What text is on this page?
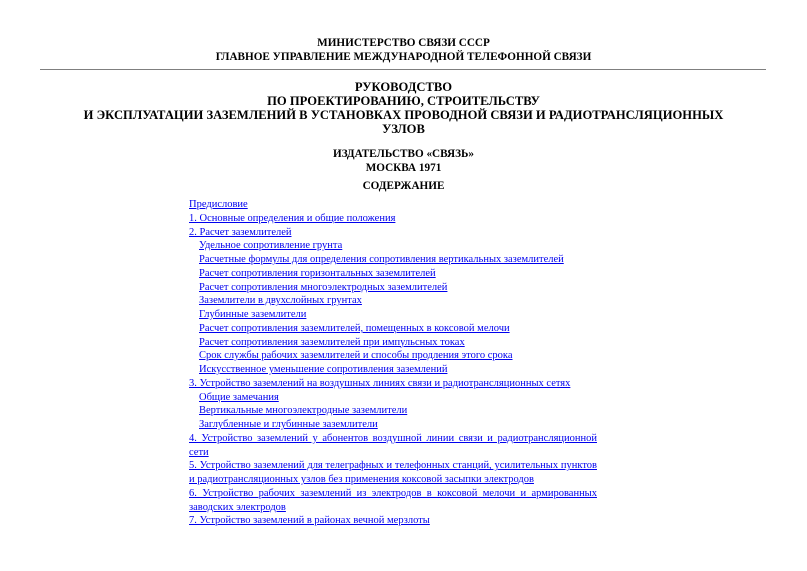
МИНИСТЕРСТВО СВЯЗИ СССР
ГЛАВНОЕ УПРАВЛЕНИЕ МЕЖДУНАРОДНОЙ ТЕЛЕФОННОЙ СВЯЗИ
РУКОВОДСТВО
ПО ПРОЕКТИРОВАНИЮ, СТРОИТЕЛЬСТВУ
И ЭКСПЛУАТАЦИИ ЗАЗЕМЛЕНИЙ В УСТАНОВКАХ ПРОВОДНОЙ СВЯЗИ И РАДИОТРАНСЛЯЦИОННЫХ
УЗЛОВ
ИЗДАТЕЛЬСТВО «СВЯЗЬ»
МОСКВА 1971
СОДЕРЖАНИЕ
Предисловие
1. Основные определения и общие положения
2. Расчет заземлителей
Удельное сопротивление грунта
Расчетные формулы для определения сопротивления вертикальных заземлителей
Расчет сопротивления горизонтальных заземлителей
Расчет сопротивления многоэлектродных заземлителей
Заземлители в двухслойных грунтах
Глубинные заземлители
Расчет сопротивления заземлителей, помещенных в коксовой мелочи
Расчет сопротивления заземлителей при импульсных токах
Срок службы рабочих заземлителей и способы продления этого срока
Искусственное уменьшение сопротивления заземлений
3. Устройство заземлений на воздушных линиях связи и радиотрансляционных сетях
Общие замечания
Вертикальные многоэлектродные заземлители
Заглубленные и глубинные заземлители
4. Устройство заземлений у абонентов воздушной линии связи и радиотрансляционной сети
5. Устройство заземлений для телеграфных и телефонных станций, усилительных пунктов и радиотрансляционных узлов без применения коксовой засыпки электродов
6. Устройство рабочих заземлений из электродов в коксовой мелочи и армированных заводских электродов
7. Устройство заземлений в районах вечной мерзлоты
